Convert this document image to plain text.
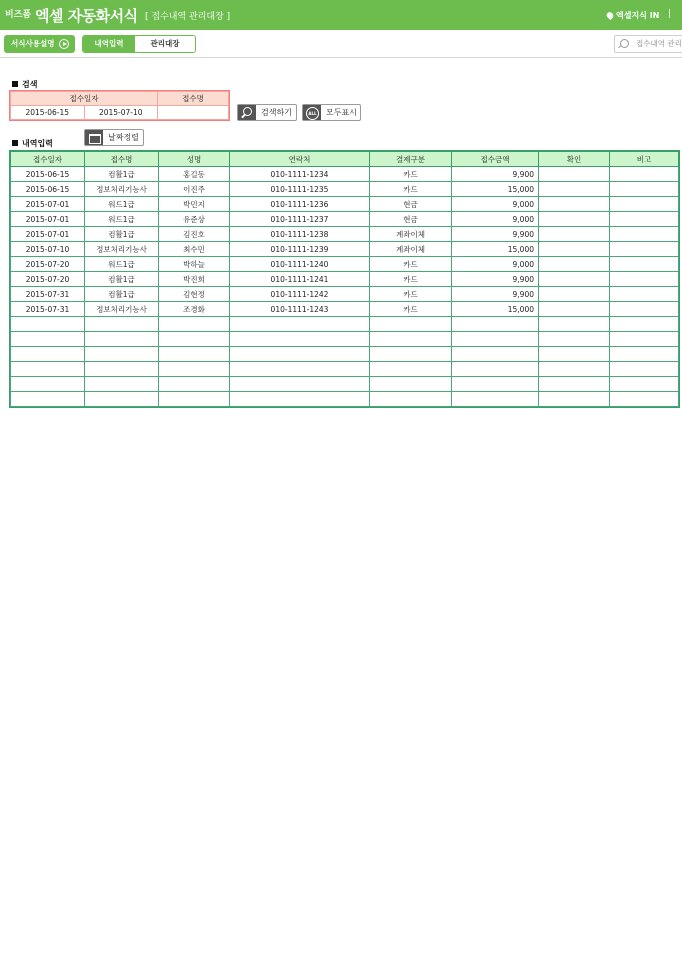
비즈폼 엑셀 자동화서식 [ 접수내역 관리대장 ]	엑셀지식 IN |
서식사용설명	내역입력	관리대장	접수내역 관리
검색
접수일자		접수명
2015-06-15	2015-07-10		검색하기 ALL	모두표시
내역입력
날짜정렬
접수일자	접수명	성명	연락처	결제구분	접수금액	확인	비고
2015-06-15	컴활1급	홍길동	010-1111-1234	카드	9,900		
2015-06-15	정보처리기능사	이진주	010-1111-1235	카드	15,000		
2015-07-01	워드1급	박민지	010-1111-1236	현금	9,000		
2015-07-01	워드1급	유준상	010-1111-1237	현금	9,000		
2015-07-01	컴활1급	김진호	010-1111-1238	계좌이체	9,900		
2015-07-10	정보처리기능사	최수민	010-1111-1239	계좌이체	15,000		
2015-07-20	워드1급	박하늘	010-1111-1240	카드	9,000		
2015-07-20	컴활1급	박진희	010-1111-1241	카드	9,900		
2015-07-31	컴활1급	김현정	010-1111-1242	카드	9,900		
2015-07-31	정보처리기능사	조경화	010-1111-1243	카드	15,000		
